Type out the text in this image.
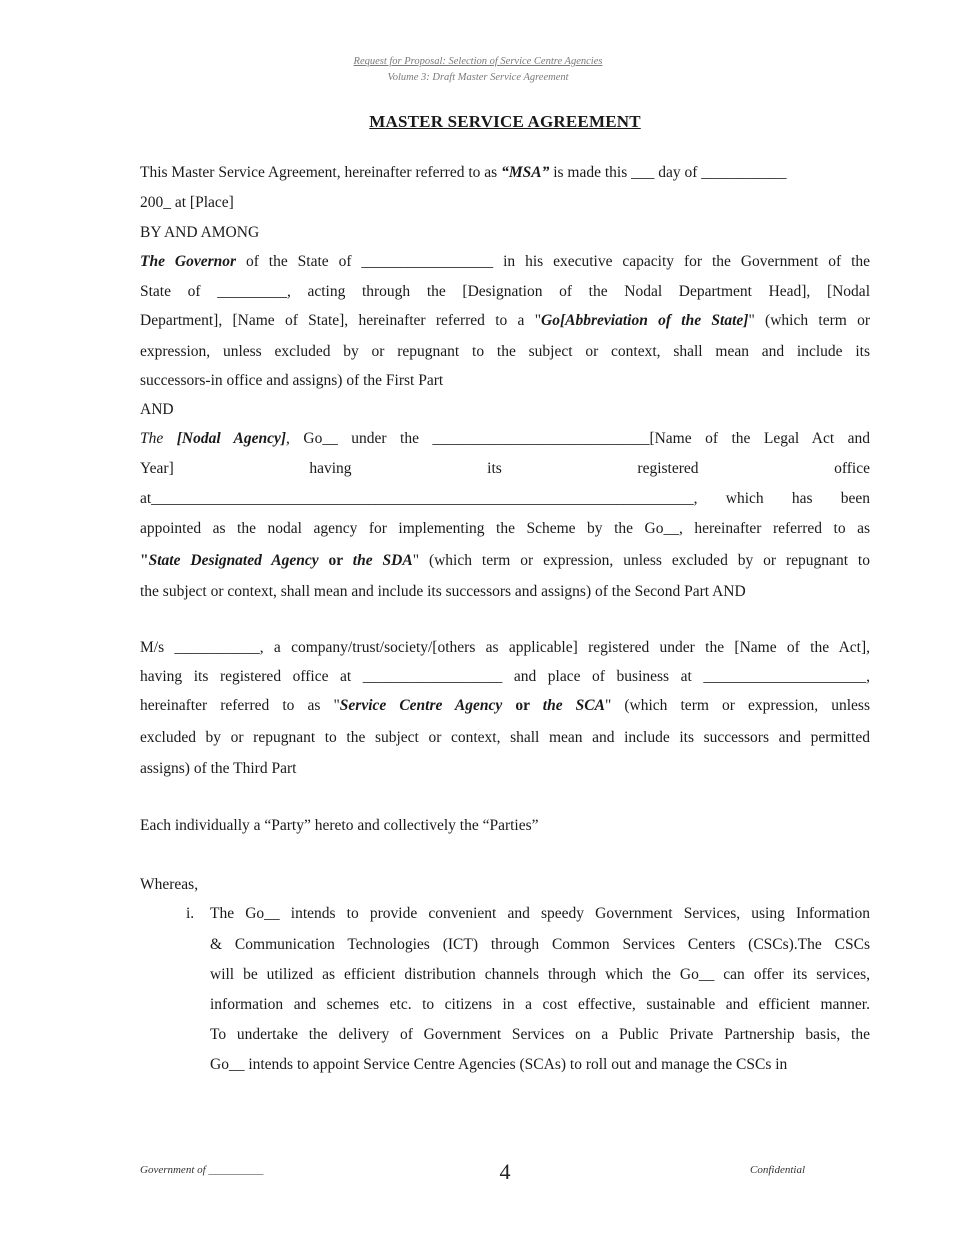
Request for Proposal: Selection of Service Centre Agencies
Volume 3: Draft Master Service Agreement
MASTER SERVICE AGREEMENT
This Master Service Agreement, hereinafter referred to as “MSA” is made this ___ day of ___________
200_ at [Place]
BY AND AMONG
The Governor of the State of _________________ in his executive capacity for the Government of the
State of _________, acting through the [Designation of the Nodal Department Head], [Nodal
Department], [Name of State], hereinafter referred to a "Go[Abbreviation of the State]" (which term or
expression, unless excluded by or repugnant to the subject or context, shall mean and include its
successors-in office and assigns) of the First Part
AND
The [Nodal Agency], Go__ under the ____________________________[Name of the Legal Act and
Year] having its registered office
at______________________________________________________________________, which has been
appointed as the nodal agency for implementing the Scheme by the Go__, hereinafter referred to as
"State Designated Agency or the SDA" (which term or expression, unless excluded by or repugnant to
the subject or context, shall mean and include its successors and assigns) of the Second Part AND
M/s ___________, a company/trust/society/[others as applicable] registered under the [Name of the Act],
having its registered office at __________________ and place of business at _____________________,
hereinafter referred to as "Service Centre Agency or the SCA" (which term or expression, unless
excluded by or repugnant to the subject or context, shall mean and include its successors and permitted
assigns) of the Third Part
Each individually a “Party” hereto and collectively the “Parties”
Whereas,
i. The Go__ intends to provide convenient and speedy Government Services, using Information
& Communication Technologies (ICT) through Common Services Centers (CSCs).The CSCs
will be utilized as efficient distribution channels through which the Go__ can offer its services,
information and schemes etc. to citizens in a cost effective, sustainable and efficient manner.
To undertake the delivery of Government Services on a Public Private Partnership basis, the
Go__ intends to appoint Service Centre Agencies (SCAs) to roll out and manage the CSCs in
Government of __________	4	Confidential
